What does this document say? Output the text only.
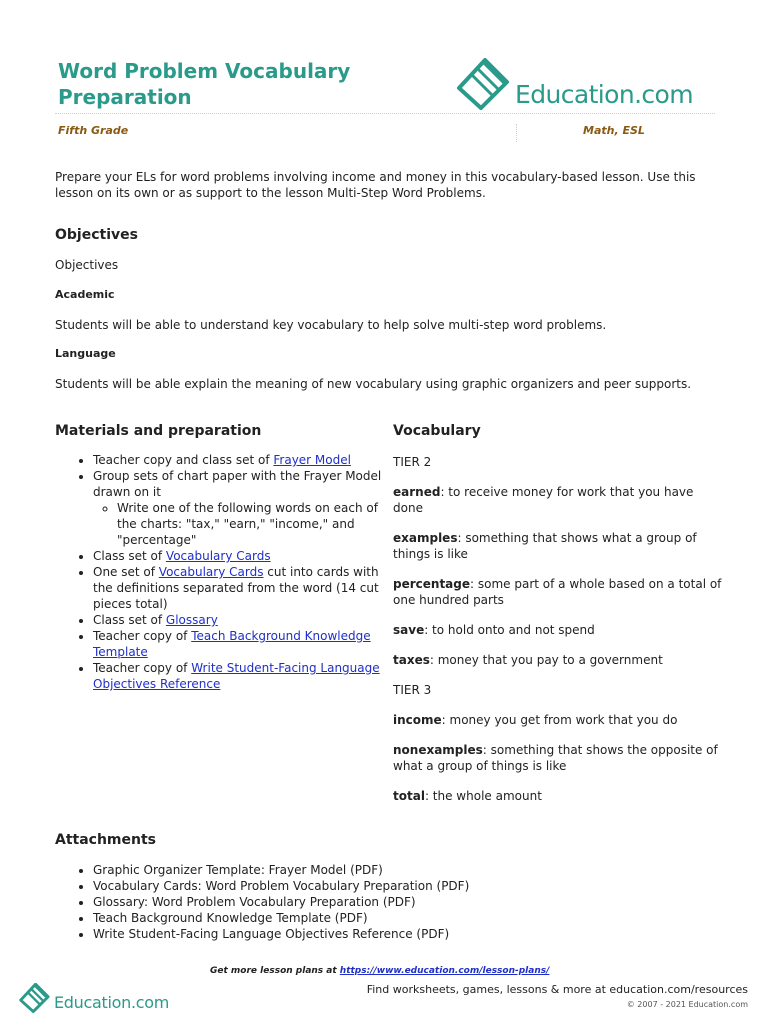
Word Problem Vocabulary Preparation	Education.com
Fifth Grade	Math, ESL

Prepare your ELs for word problems involving income and money in this vocabulary-based lesson. Use this lesson on its own or as support to the lesson Multi-Step Word Problems.

Objectives

Objectives

Academic

Students will be able to understand key vocabulary to help solve multi-step word problems.

Language

Students will be able explain the meaning of new vocabulary using graphic organizers and peer supports.

Materials and preparation

• Teacher copy and class set of Frayer Model
• Group sets of chart paper with the Frayer Model drawn on it
◦ Write one of the following words on each of the charts: "tax," "earn," "income," and "percentage"
• Class set of Vocabulary Cards
• One set of Vocabulary Cards cut into cards with the definitions separated from the word (14 cut pieces total)
• Class set of Glossary
• Teacher copy of Teach Background Knowledge Template
• Teacher copy of Write Student-Facing Language Objectives Reference

Vocabulary

TIER 2

earned: to receive money for work that you have done

examples: something that shows what a group of things is like

percentage: some part of a whole based on a total of one hundred parts

save: to hold onto and not spend

taxes: money that you pay to a government

TIER 3

income: money you get from work that you do

nonexamples: something that shows the opposite of what a group of things is like

total: the whole amount

Attachments

• Graphic Organizer Template: Frayer Model (PDF)
• Vocabulary Cards: Word Problem Vocabulary Preparation (PDF)
• Glossary: Word Problem Vocabulary Preparation (PDF)
• Teach Background Knowledge Template (PDF)
• Write Student-Facing Language Objectives Reference (PDF)
Get more lesson plans at https://www.education.com/lesson-plans/
Education.com
Find worksheets, games, lessons & more at education.com/resources
© 2007 - 2021 Education.com
